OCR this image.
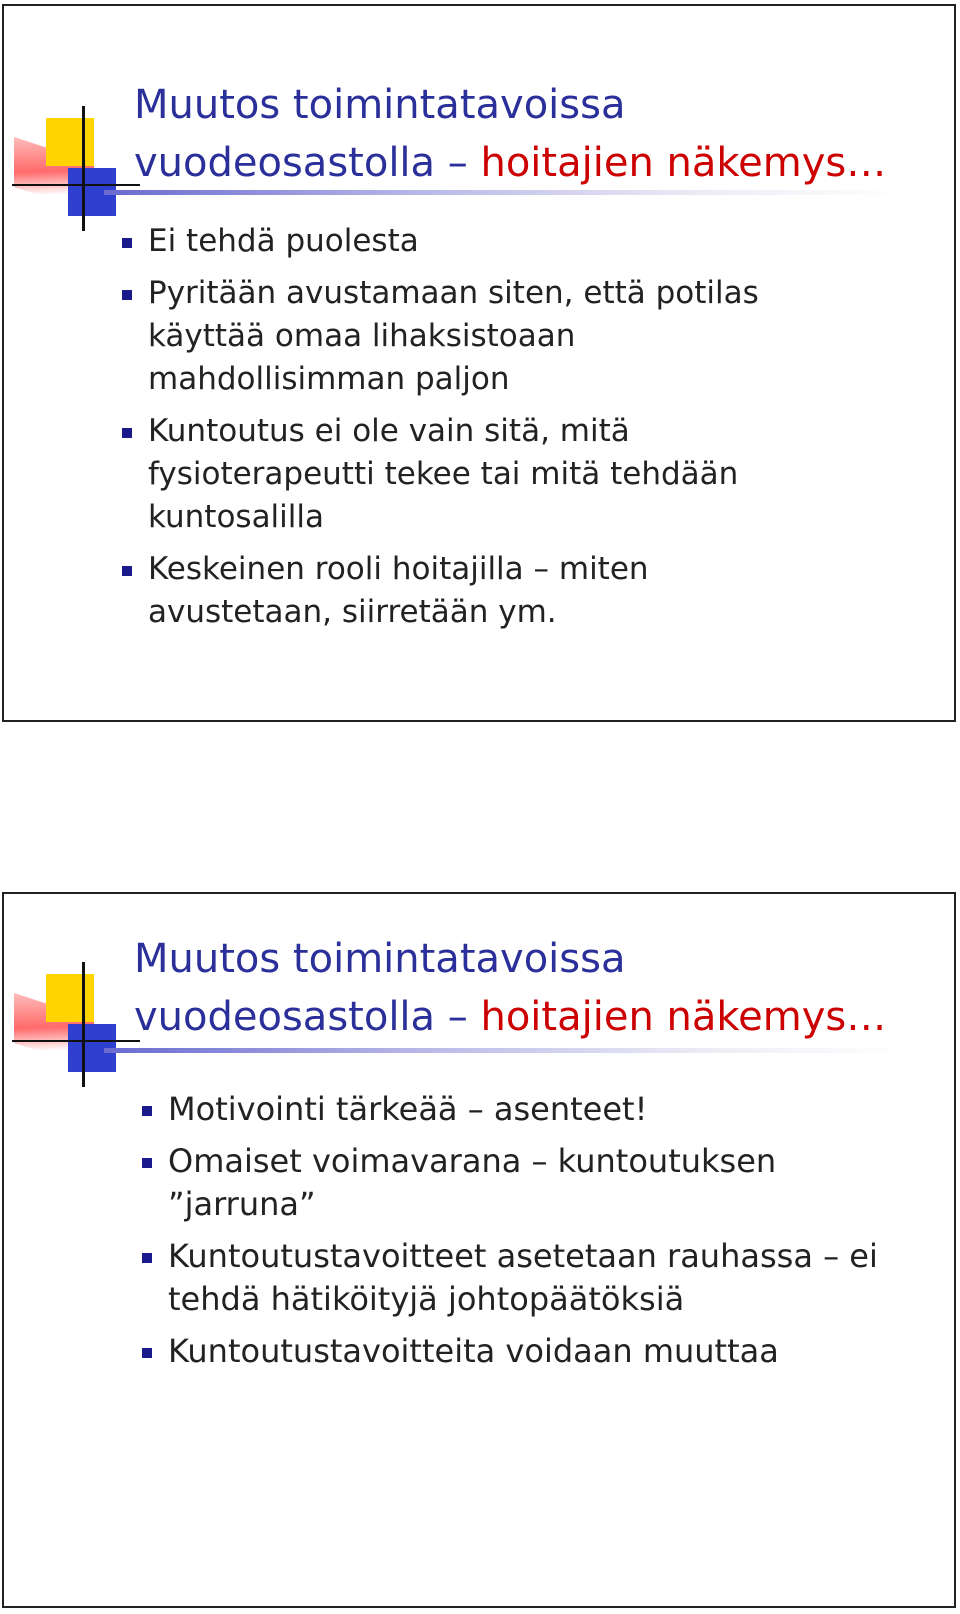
Muutos toimintatavoissa
vuodeosastolla – hoitajien näkemys…
Ei tehdä puolesta
Pyritään avustamaan siten, että potilas
käyttää omaa lihaksistoaan
mahdollisimman paljon
Kuntoutus ei ole vain sitä, mitä
fysioterapeutti tekee tai mitä tehdään
kuntosalilla
Keskeinen rooli hoitajilla – miten
avustetaan, siirretään ym.
Muutos toimintatavoissa
vuodeosastolla – hoitajien näkemys…
Motivointi tärkeää – asenteet!
Omaiset voimavarana – kuntoutuksen
”jarruna”
Kuntoutustavoitteet asetetaan rauhassa – ei
tehdä hätiköityjä johtopäätöksiä
Kuntoutustavoitteita voidaan muuttaa
